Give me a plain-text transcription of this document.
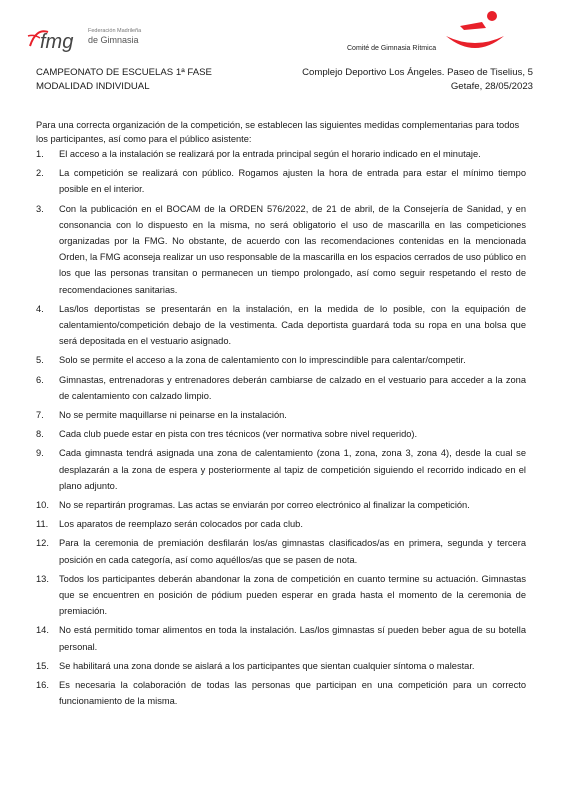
fmg	Federación Madrileña
de Gimnasia
Comité de Gimnasia Rítmica
CAMPEONATO DE ESCUELAS 1ª FASE
MODALIDAD INDIVIDUAL
Complejo Deportivo Los Ángeles. Paseo de Tiselius, 5
Getafe, 28/05/2023

Para una correcta organización de la competición, se establecen las siguientes medidas complementarias para todos los participantes, así como para el público asistente:

1. El acceso a la instalación se realizará por la entrada principal según el horario indicado en el minutaje.
2. La competición se realizará con público. Rogamos ajusten la hora de entrada para estar el mínimo tiempo posible en el interior.
3. Con la publicación en el BOCAM de la ORDEN 576/2022, de 21 de abril, de la Consejería de Sanidad, y en consonancia con lo dispuesto en la misma, no será obligatorio el uso de mascarilla en las competiciones organizadas por la FMG. No obstante, de acuerdo con las recomendaciones contenidas en la mencionada Orden, la FMG aconseja realizar un uso responsable de la mascarilla en los espacios cerrados de uso público en los que las personas transitan o permanecen un tiempo prolongado, así como seguir respetando el resto de recomendaciones sanitarias.
4. Las/los deportistas se presentarán en la instalación, en la medida de lo posible, con la equipación de calentamiento/competición debajo de la vestimenta. Cada deportista guardará toda su ropa en una bolsa que será depositada en el vestuario asignado.
5. Solo se permite el acceso a la zona de calentamiento con lo imprescindible para calentar/competir.
6. Gimnastas, entrenadoras y entrenadores deberán cambiarse de calzado en el vestuario para acceder a la zona de calentamiento con calzado limpio.
7. No se permite maquillarse ni peinarse en la instalación.
8. Cada club puede estar en pista con tres técnicos (ver normativa sobre nivel requerido).
9. Cada gimnasta tendrá asignada una zona de calentamiento (zona 1, zona, zona 3, zona 4), desde la cual se desplazarán a la zona de espera y posteriormente al tapiz de competición siguiendo el recorrido indicado en el plano adjunto.
10. No se repartirán programas. Las actas se enviarán por correo electrónico al finalizar la competición.
11. Los aparatos de reemplazo serán colocados por cada club.
12. Para la ceremonia de premiación desfilarán los/as gimnastas clasificados/as en primera, segunda y tercera posición en cada categoría, así como aquéllos/as que se pasen de nota.
13. Todos los participantes deberán abandonar la zona de competición en cuanto termine su actuación. Gimnastas que se encuentren en posición de pódium pueden esperar en grada hasta el momento de la ceremonia de premiación.
14. No está permitido tomar alimentos en toda la instalación. Las/los gimnastas sí pueden beber agua de su botella personal.
15. Se habilitará una zona donde se aislará a los participantes que sientan cualquier síntoma o malestar.
16. Es necesaria la colaboración de todas las personas que participan en una competición para un correcto funcionamiento de la misma.
